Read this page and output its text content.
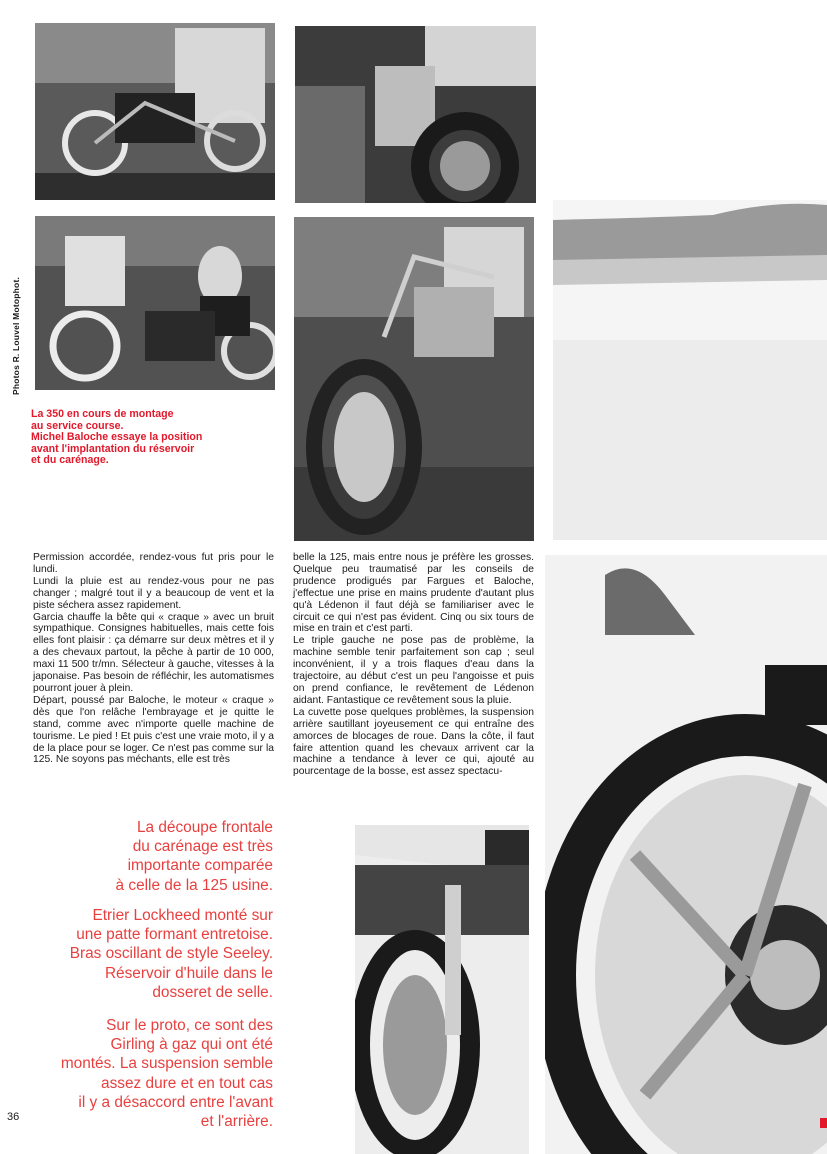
Photos R. Louvel Motophot.
La 350 en cours de montage
au service course.
Michel Baloche essaye la position
avant l'implantation du réservoir
et du carénage.

Permission accordée, rendez-vous fut pris pour le lundi.

Lundi la pluie est au rendez-vous pour ne pas changer ; malgré tout il y a beaucoup de vent et la piste séchera assez rapidement.

Garcia chauffe la bête qui « craque » avec un bruit sympathique. Consignes habituelles, mais cette fois elles font plaisir : ça démarre sur deux mètres et il y a des chevaux partout, la pêche à partir de 10 000, maxi 11 500 tr/mn. Sélecteur à gauche, vitesses à la japonaise. Pas besoin de réfléchir, les automatismes pourront jouer à plein.

Départ, poussé par Baloche, le moteur « craque » dès que l'on relâche l'embrayage et je quitte le stand, comme avec n'importe quelle machine de tourisme. Le pied ! Et puis c'est une vraie moto, il y a de la place pour se loger. Ce n'est pas comme sur la 125. Ne soyons pas méchants, elle est très

belle la 125, mais entre nous je préfère les grosses. Quelque peu traumatisé par les conseils de prudence prodigués par Fargues et Baloche, j'effectue une prise en mains prudente d'autant plus qu'à Lédenon il faut déjà se familiariser avec le circuit ce qui n'est pas évident. Cinq ou six tours de mise en train et c'est parti.

Le triple gauche ne pose pas de problème, la machine semble tenir parfaitement son cap ; seul inconvénient, il y a trois flaques d'eau dans la trajectoire, au début c'est un peu l'angoisse et puis on prend confiance, le revêtement de Lédenon aidant. Fantastique ce revêtement sous la pluie.

La cuvette pose quelques problèmes, la suspension arrière sautillant joyeusement ce qui entraîne des amorces de blocages de roue. Dans la côte, il faut faire attention quand les chevaux arrivent car la machine a tendance à lever ce qui, ajouté au pourcentage de la bosse, est assez spectacu-

La découpe frontale
du carénage est très
importante comparée
à celle de la 125 usine.
Etrier Lockheed monté sur
une patte formant entretoise.
Bras oscillant de style Seeley.
Réservoir d'huile dans le
dosseret de selle.
Sur le proto, ce sont des
Girling à gaz qui ont été
montés. La suspension semble
assez dure et en tout cas
il y a désaccord entre l'avant
et l'arrière.
36
